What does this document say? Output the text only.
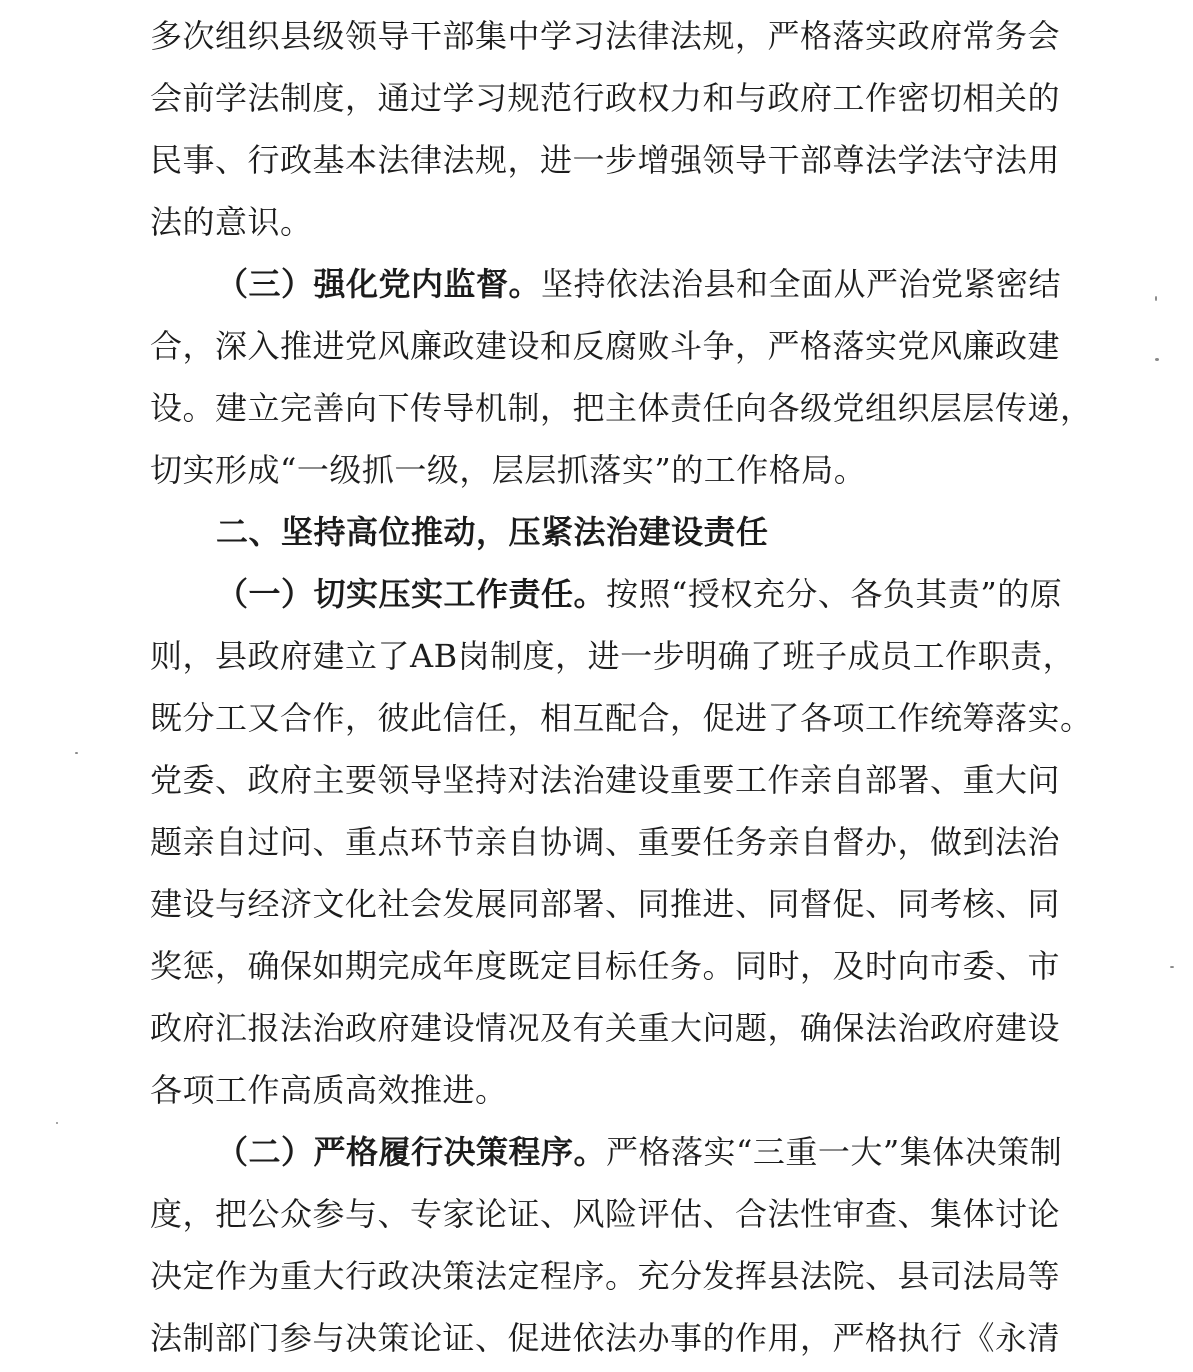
多次组织县级领导干部集中学习法律法规，严格落实政府常务会
会前学法制度，通过学习规范行政权力和与政府工作密切相关的
民事、行政基本法律法规，进一步增强领导干部尊法学法守法用
法的意识。
（三）强化党内监督。坚持依法治县和全面从严治党紧密结
合，深入推进党风廉政建设和反腐败斗争，严格落实党风廉政建
设。建立完善向下传导机制，把主体责任向各级党组织层层传递，
切实形成“一级抓一级，层层抓落实”的工作格局。
二、坚持高位推动，压紧法治建设责任
（一）切实压实工作责任。按照“授权充分、各负其责”的原
则，县政府建立了AB岗制度，进一步明确了班子成员工作职责，
既分工又合作，彼此信任，相互配合，促进了各项工作统筹落实。
党委、政府主要领导坚持对法治建设重要工作亲自部署、重大问
题亲自过问、重点环节亲自协调、重要任务亲自督办，做到法治
建设与经济文化社会发展同部署、同推进、同督促、同考核、同
奖惩，确保如期完成年度既定目标任务。同时，及时向市委、市
政府汇报法治政府建设情况及有关重大问题，确保法治政府建设
各项工作高质高效推进。
（二）严格履行决策程序。严格落实“三重一大”集体决策制
度，把公众参与、专家论证、风险评估、合法性审查、集体讨论
决定作为重大行政决策法定程序。充分发挥县法院、县司法局等
法制部门参与决策论证、促进依法办事的作用，严格执行《永清
